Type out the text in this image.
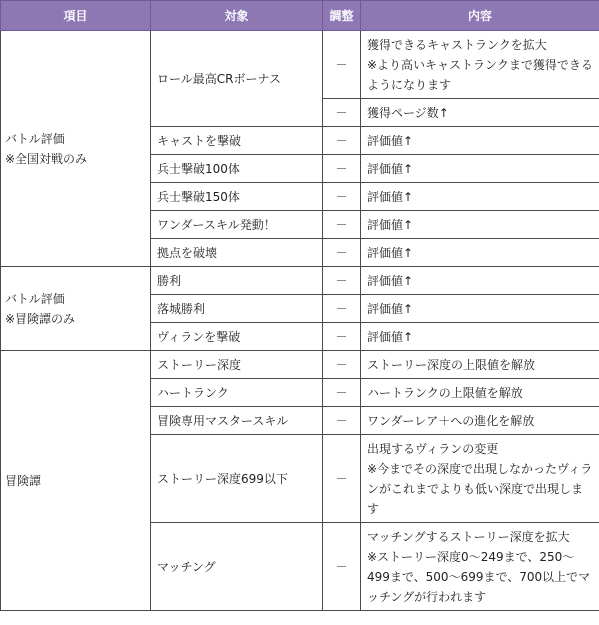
項目	対象	調整	内容
バトル評価
※全国対戦のみ	ロール最高CRボーナス	－	獲得できるキャストランクを拡大
※より高いキャストランクまで獲得できるようになります
		－	獲得ページ数↑
	キャストを撃破	－	評価値↑
	兵士撃破100体	－	評価値↑
	兵士撃破150体	－	評価値↑
	ワンダースキル発動！	－	評価値↑
	拠点を破壊	－	評価値↑
バトル評価
※冒険譚のみ	勝利	－	評価値↑
	落城勝利	－	評価値↑
	ヴィランを撃破	－	評価値↑
冒険譚	ストーリー深度	－	ストーリー深度の上限値を解放
	ハートランク	－	ハートランクの上限値を解放
	冒険専用マスタースキル	－	ワンダーレア＋への進化を解放
	ストーリー深度699以下	－	出現するヴィランの変更
※今までその深度で出現しなかったヴィランがこれまでよりも低い深度で出現します
	マッチング	－	マッチングするストーリー深度を拡大
※ストーリー深度0～249まで、250～499まで、500～699まで、700以上でマッチングが行われます
